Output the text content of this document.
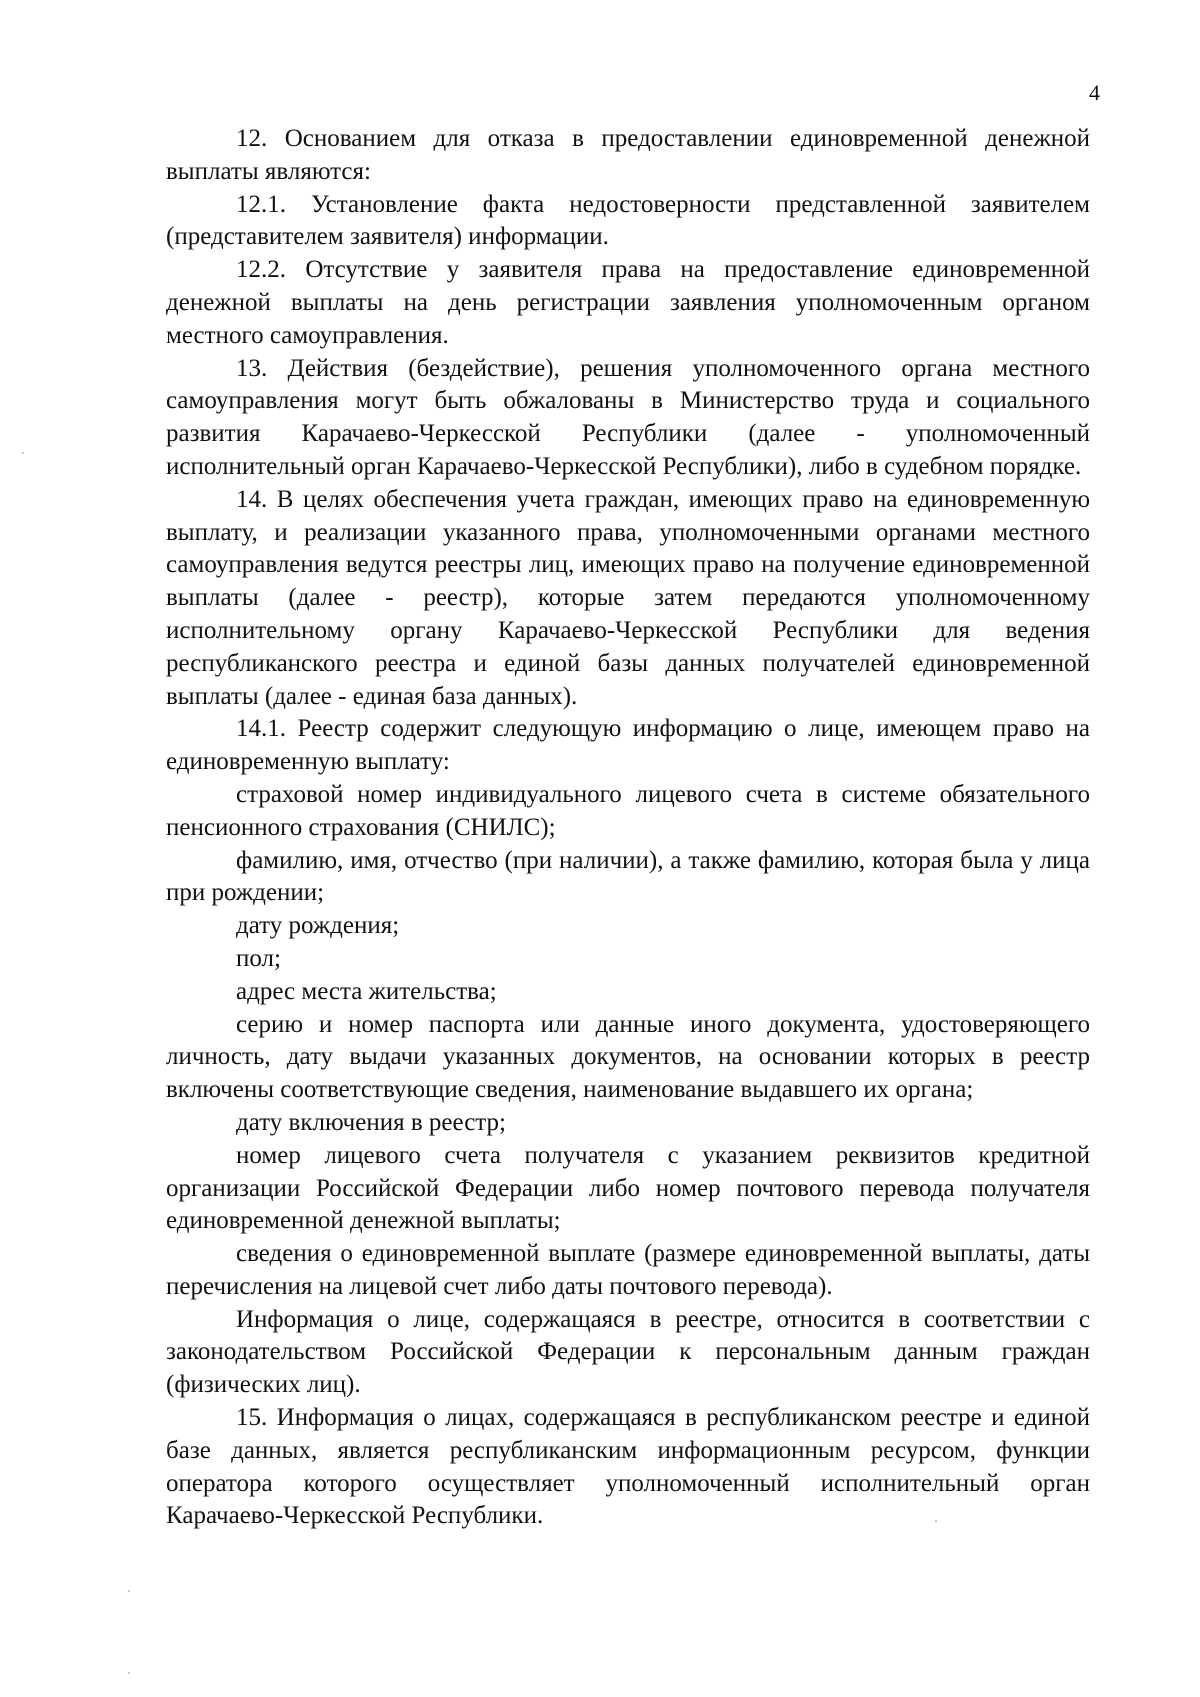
4

12. Основанием для отказа в предоставлении единовременной денежной выплаты являются:

12.1. Установление факта недостоверности представленной заявителем (представителем заявителя) информации.

12.2. Отсутствие у заявителя права на предоставление единовременной денежной выплаты на день регистрации заявления уполномоченным органом местного самоуправления.

13. Действия (бездействие), решения уполномоченного органа местного самоуправления могут быть обжалованы в Министерство труда и социального развития Карачаево-Черкесской Республики (далее - уполномоченный исполнительный орган Карачаево-Черкесской Республики), либо в судебном порядке.

14. В целях обеспечения учета граждан, имеющих право на единовременную выплату, и реализации указанного права, уполномоченными органами местного самоуправления ведутся реестры лиц, имеющих право на получение единовременной выплаты (далее - реестр), которые затем передаются уполномоченному исполнительному органу Карачаево-Черкесской Республики для ведения республиканского реестра и единой базы данных получателей единовременной выплаты (далее - единая база данных).

14.1. Реестр содержит следующую информацию о лице, имеющем право на единовременную выплату:

страховой номер индивидуального лицевого счета в системе обязательного пенсионного страхования (СНИЛС);

фамилию, имя, отчество (при наличии), а также фамилию, которая была у лица при рождении;

дату рождения;

пол;

адрес места жительства;

серию и номер паспорта или данные иного документа, удостоверяющего личность, дату выдачи указанных документов, на основании которых в реестр включены соответствующие сведения, наименование выдавшего их органа;

дату включения в реестр;

номер лицевого счета получателя с указанием реквизитов кредитной организации Российской Федерации либо номер почтового перевода получателя единовременной денежной выплаты;

сведения о единовременной выплате (размере единовременной выплаты, даты перечисления на лицевой счет либо даты почтового перевода).

Информация о лице, содержащаяся в реестре, относится в соответствии с законодательством Российской Федерации к персональным данным граждан (физических лиц).

15. Информация о лицах, содержащаяся в республиканском реестре и единой базе данных, является республиканским информационным ресурсом, функции оператора которого осуществляет уполномоченный исполнительный орган Карачаево-Черкесской Республики.
